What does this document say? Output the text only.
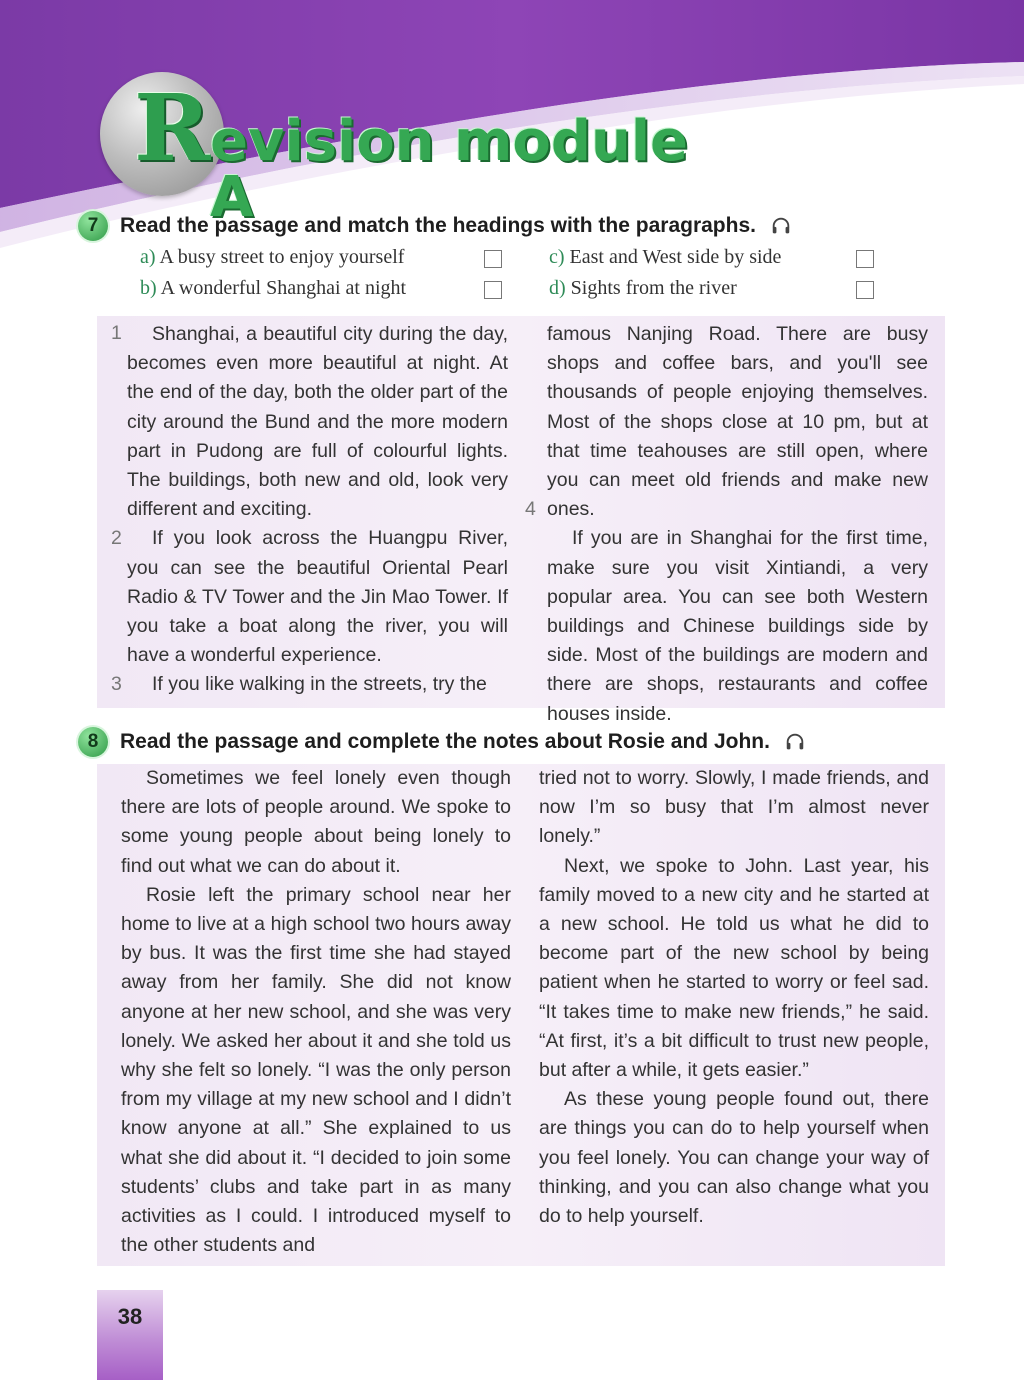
R evision module A
7	Read the passage and match the headings with the paragraphs.
a) A busy street to enjoy yourself
b) A wonderful Shanghai at night
c) East and West side by side
d) Sights from the river
1
2
3
4

Shanghai, a beautiful city during the day, becomes even more beautiful at night. At the end of the day, both the older part of the city around the Bund and the more modern part in Pudong are full of colourful lights. The buildings, both new and old, look very different and exciting.

If you look across the Huangpu River, you can see the beautiful Oriental Pearl Radio & TV Tower and the Jin Mao Tower. If you take a boat along the river, you will have a wonderful experience.

If you like walking in the streets, try the

famous Nanjing Road. There are busy shops and coffee bars, and you'll see thousands of people enjoying themselves. Most of the shops close at 10 pm, but at that time teahouses are still open, where you can meet old friends and make new ones.

If you are in Shanghai for the first time, make sure you visit Xintiandi, a very popular area. You can see both Western buildings and Chinese buildings side by side. Most of the buildings are modern and there are shops, restaurants and coffee houses inside.

8	Read the passage and complete the notes about Rosie and John.

Sometimes we feel lonely even though there are lots of people around. We spoke to some young people about being lonely to find out what we can do about it.

Rosie left the primary school near her home to live at a high school two hours away by bus. It was the first time she had stayed away from her family. She did not know anyone at her new school, and she was very lonely. We asked her about it and she told us why she felt so lonely. “I was the only person from my village at my new school and I didn’t know anyone at all.” She explained to us what she did about it. “I decided to join some students’ clubs and take part in as many activities as I could. I introduced myself to the other students and

tried not to worry. Slowly, I made friends, and now I’m so busy that I’m almost never lonely.”

Next, we spoke to John. Last year, his family moved to a new city and he started at a new school. He told us what he did to become part of the new school by being patient when he started to worry or feel sad. “It takes time to make new friends,” he said. “At first, it’s a bit difficult to trust new people, but after a while, it gets easier.”

As these young people found out, there are things you can do to help yourself when you feel lonely. You can change your way of thinking, and you can also change what you do to help yourself.

38
